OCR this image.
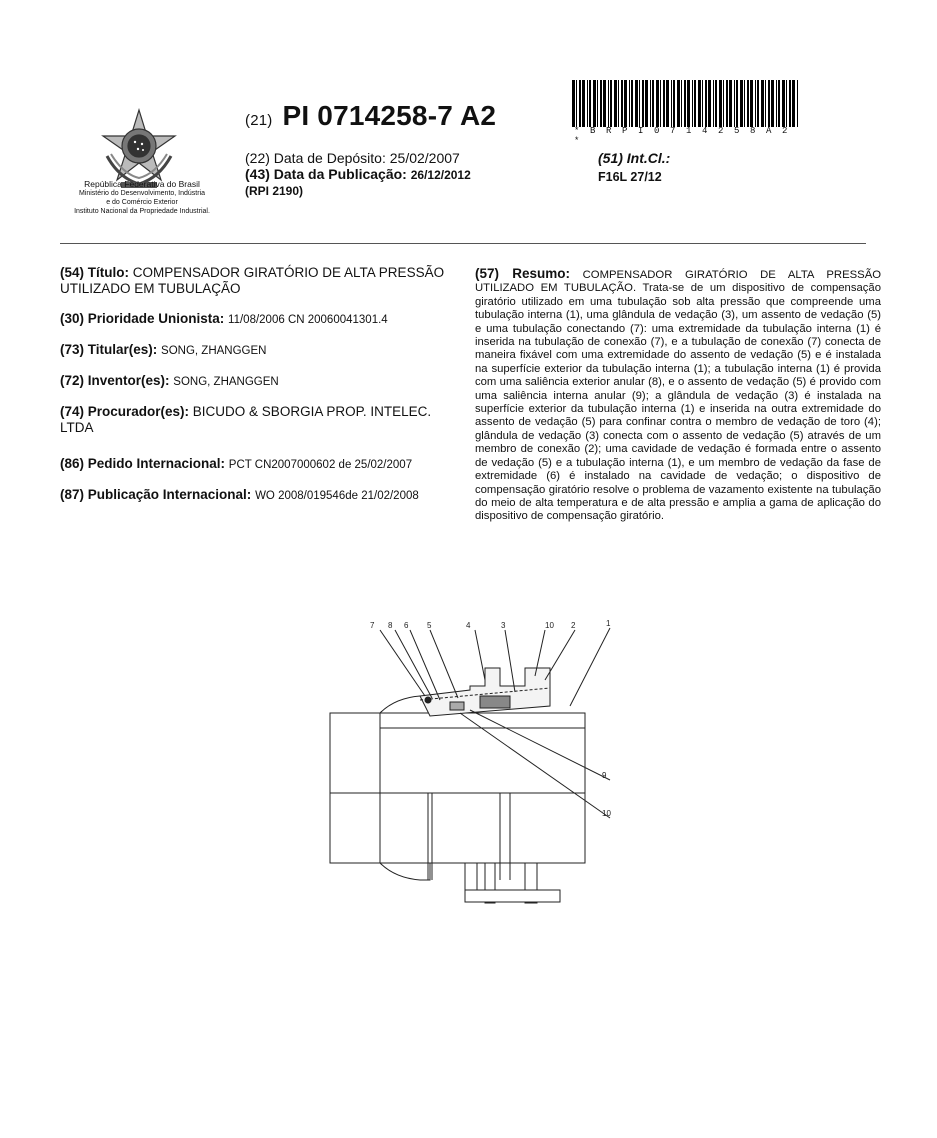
República Federativa do Brasil
Ministério do Desenvolvimento, Indústria
e do Comércio Exterior
Instituto Nacional da Propriedade Industrial.
(21) PI 0714258-7 A2	* B R P I 0 7 1 4 2 5 8 A 2 *
(22) Data de Depósito: 25/02/2007
(43) Data da Publicação: 26/12/2012
(RPI 2190)
(51) Int.Cl.:
F16L 27/12
(54) Título: COMPENSADOR GIRATÓRIO DE ALTA PRESSÃO UTILIZADO EM TUBULAÇÃO
(30) Prioridade Unionista: 11/08/2006 CN 20060041301.4
(73) Titular(es): SONG, ZHANGGEN
(72) Inventor(es): SONG, ZHANGGEN
(74) Procurador(es): BICUDO & SBORGIA PROP. INTELEC. LTDA
(86) Pedido Internacional: PCT CN2007000602 de 25/02/2007
(87) Publicação Internacional: WO 2008/019546de 21/02/2008
(57) Resumo: COMPENSADOR GIRATÓRIO DE ALTA PRESSÃO UTILIZADO EM TUBULAÇÃO. Trata-se de um dispositivo de compensação giratório utilizado em uma tubulação sob alta pressão que compreende uma tubulação interna (1), uma glândula de vedação (3), um assento de vedação (5) e uma tubulação conectando (7): uma extremidade da tubulação interna (1) é inserida na tubulação de conexão (7), e a tubulação de conexão (7) conecta de maneira fixável com uma extremidade do assento de vedação (5) e é instalada na superfície exterior da tubulação interna (1); a tubulação interna (1) é provida com uma saliência exterior anular (8), e o assento de vedação (5) é provido com uma saliência interna anular (9); a glândula de vedação (3) é instalada na superfície exterior da tubulação interna (1) e inserida na outra extremidade do assento de vedação (5) para confinar contra o membro de vedação de toro (4); glândula de vedação (3) conecta com o assento de vedação (5) através de um membro de conexão (2); uma cavidade de vedação é formada entre o assento de vedação (5) e a tubulação interna (1), e um membro de vedação da fase de extremidade (6) é instalado na cavidade de vedação; o dispositivo de compensação giratório resolve o problema de vazamento existente na tubulação do meio de alta temperatura e de alta pressão e amplia a gama de aplicação do dispositivo de compensação giratório.
7 8 6 5	4	3	10 2	1
9
10
